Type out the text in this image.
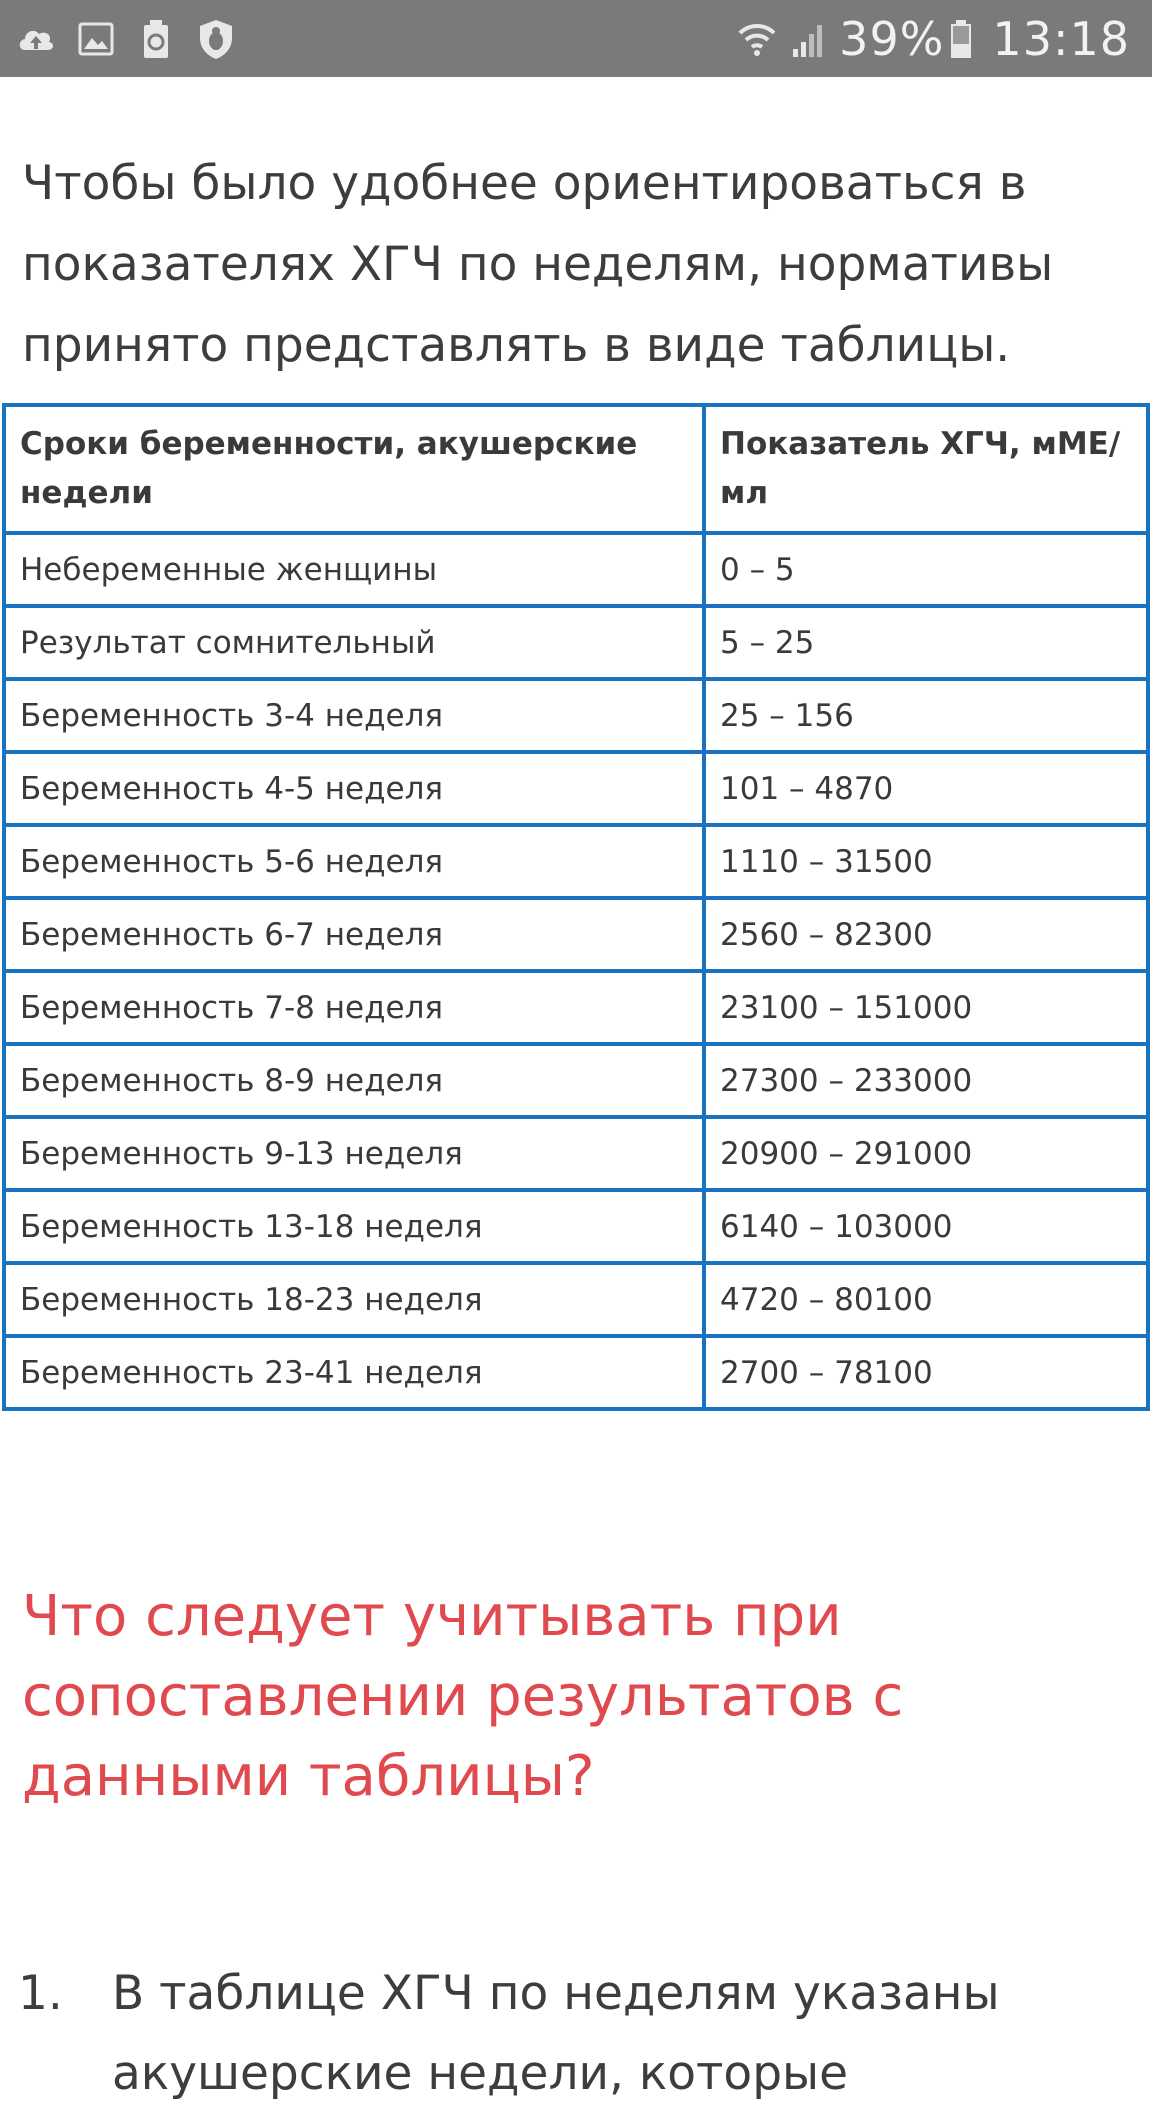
39% 13:18

Чтобы было удобнее ориентироваться в показателях ХГЧ по неделям, нормативы принято представлять в виде таблицы.

Сроки беременности, акушерские недели	Показатель ХГЧ, мМЕ/мл
Небеременные женщины	0 – 5
Результат сомнительный	5 – 25
Беременность 3-4 неделя	25 – 156
Беременность 4-5 неделя	101 – 4870
Беременность 5-6 неделя	1110 – 31500
Беременность 6-7 неделя	2560 – 82300
Беременность 7-8 неделя	23100 – 151000
Беременность 8-9 неделя	27300 – 233000
Беременность 9-13 неделя	20900 – 291000
Беременность 13-18 неделя	6140 – 103000
Беременность 18-23 неделя	4720 – 80100
Беременность 23-41 неделя	2700 – 78100
Что следует учитывать при сопоставлении результатов с данными таблицы?
1.	В таблице ХГЧ по неделям указаны акушерские недели, которые
